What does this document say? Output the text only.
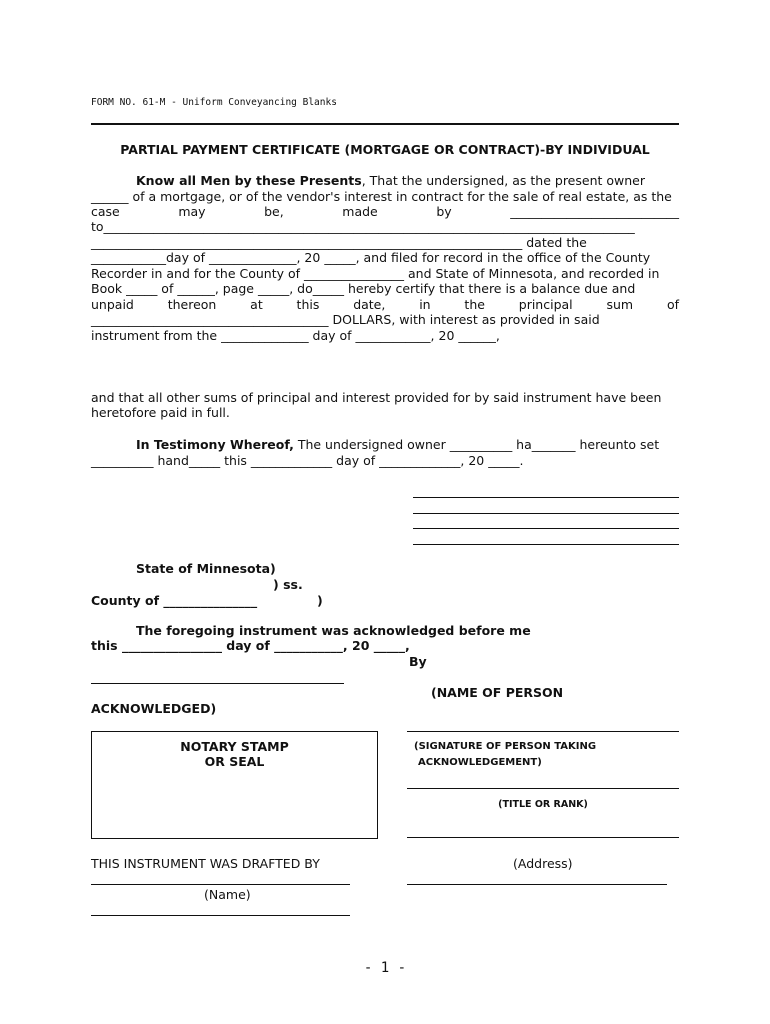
FORM NO. 61-M - Uniform Conveyancing Blanks
PARTIAL PAYMENT CERTIFICATE (MORTGAGE OR CONTRACT)-BY INDIVIDUAL
Know all Men by these Presents, That the undersigned, as the present owner
______ of a mortgage, or of the vendor's interest in contract for the sale of real estate, as the
case	may	be,	made	by	___________________________
to_____________________________________________________________________________________
_____________________________________________________________________ dated the
____________day of ______________, 20 _____, and filed for record in the office of the County
Recorder in and for the County of ________________ and State of Minnesota, and recorded in
Book _____ of ______, page _____, do_____ hereby certify that there is a balance due and
unpaid	thereon	at	this	date,	in	the	principal	sum	of
______________________________________ DOLLARS, with interest as provided in said
instrument from the ______________ day of ____________, 20 ______,
and that all other sums of principal and interest provided for by said instrument have been
heretofore paid in full.
In Testimony Whereof, The undersigned owner __________ ha_______ hereunto set
__________ hand_____ this _____________ day of _____________, 20 _____.
State of Minnesota)
) ss.
County of _______________	)
The foregoing instrument was acknowledged before me
this ________________ day of ___________, 20 _____,
By
(NAME OF PERSON
ACKNOWLEDGED)
NOTARY STAMP
OR SEAL
(SIGNATURE OF PERSON TAKING
ACKNOWLEDGEMENT)
(TITLE OR RANK)
THIS INSTRUMENT WAS DRAFTED BY	(Address)
(Name)
- 1 -
